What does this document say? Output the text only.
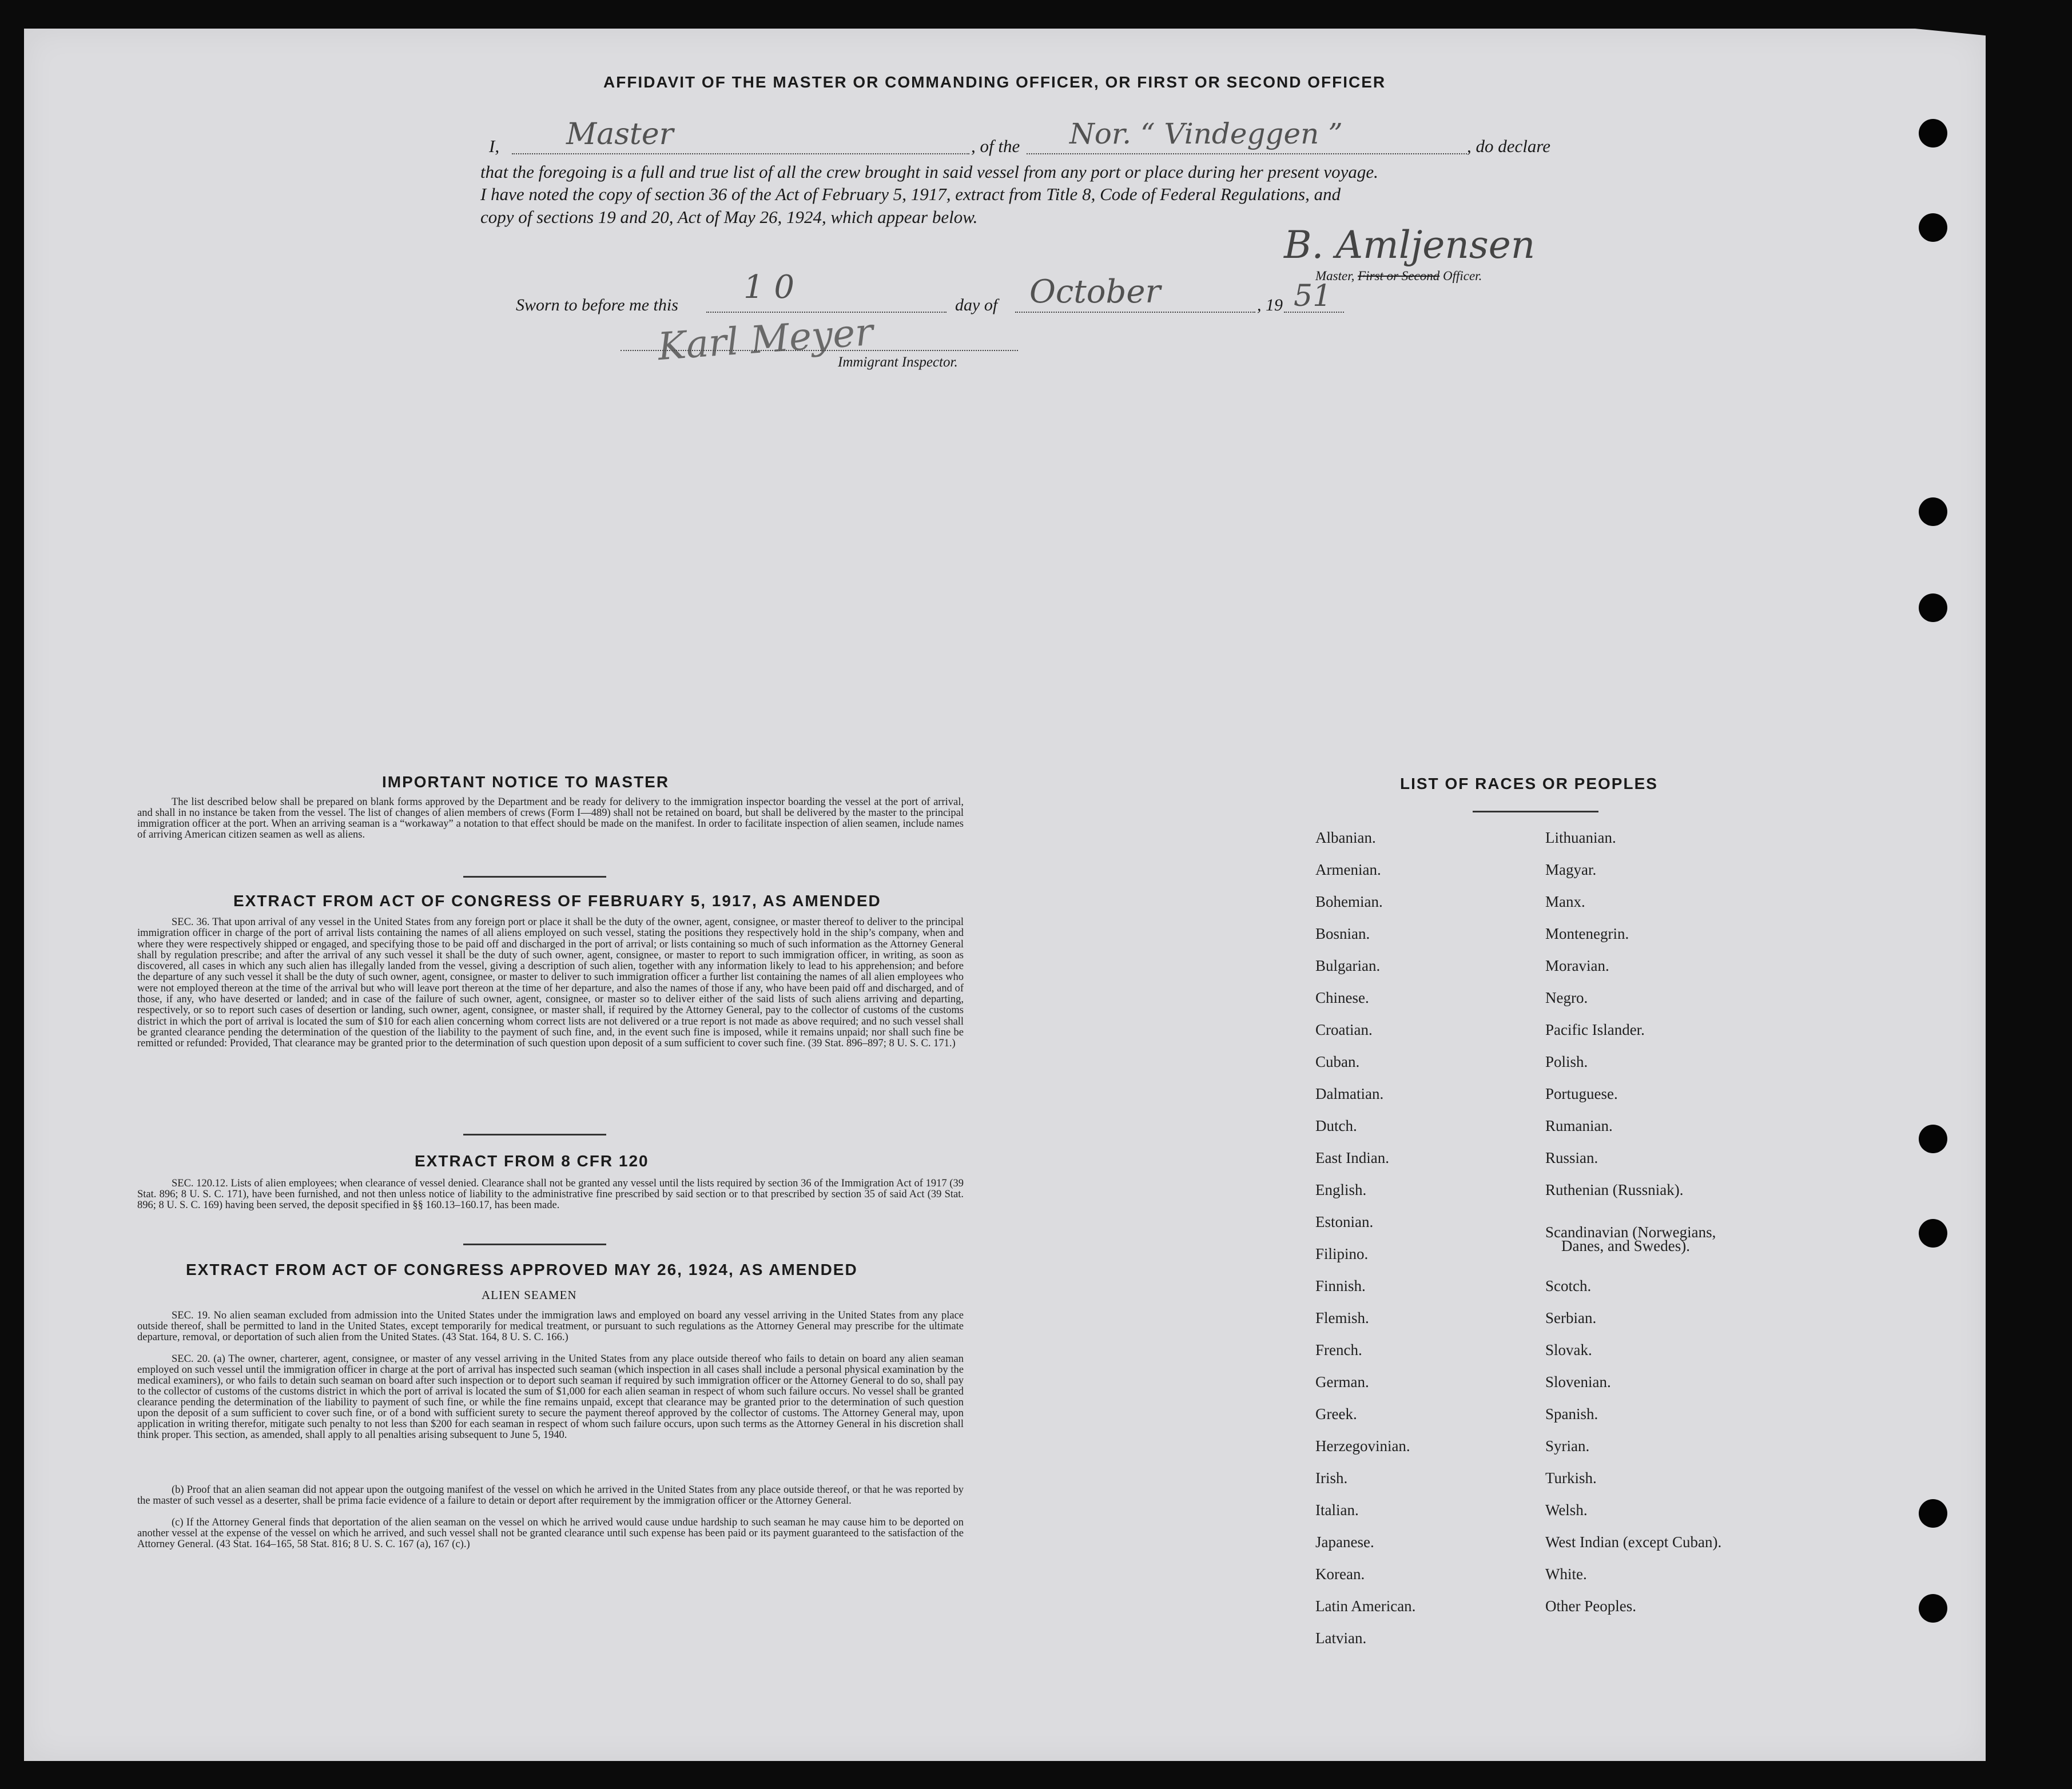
AFFIDAVIT OF THE MASTER OR COMMANDING OFFICER, OR FIRST OR SECOND OFFICER
I, Master	, of the Nor. “ Vindeggen ”	, do declare
that the foregoing is a full and true list of all the crew brought in said vessel from any port or place during her present voyage.
I have noted the copy of section 36 of the Act of February 5, 1917, extract from Title 8, Code of Federal Regulations, and
copy of sections 19 and 20, Act of May 26, 1924, which appear below.
B. Amljensen
Master, First or Second Officer.
Sworn to before me this 1 0	day of October	, 19 51
Karl Meyer
Immigrant Inspector.
IMPORTANT NOTICE TO MASTER
The list described below shall be prepared on blank forms approved by the Department and be ready for delivery to the immigration inspector boarding the vessel at the port of arrival, and shall in no instance be taken from the vessel. The list of changes of alien members of crews (Form I—489) shall not be retained on board, but shall be delivered by the master to the principal immigration officer at the port. When an arriving seaman is a “workaway” a notation to that effect should be made on the manifest. In order to facilitate inspection of alien seamen, include names of arriving American citizen seamen as well as aliens.
EXTRACT FROM ACT OF CONGRESS OF FEBRUARY 5, 1917, AS AMENDED
SEC. 36. That upon arrival of any vessel in the United States from any foreign port or place it shall be the duty of the owner, agent, consignee, or master thereof to deliver to the principal immigration officer in charge of the port of arrival lists containing the names of all aliens employed on such vessel, stating the positions they respectively hold in the ship’s company, when and where they were respectively shipped or engaged, and specifying those to be paid off and discharged in the port of arrival; or lists containing so much of such information as the Attorney General shall by regulation prescribe; and after the arrival of any such vessel it shall be the duty of such owner, agent, consignee, or master to report to such immigration officer, in writing, as soon as discovered, all cases in which any such alien has illegally landed from the vessel, giving a description of such alien, together with any information likely to lead to his apprehension; and before the departure of any such vessel it shall be the duty of such owner, agent, consignee, or master to deliver to such immigration officer a further list containing the names of all alien employees who were not employed thereon at the time of the arrival but who will leave port thereon at the time of her departure, and also the names of those if any, who have been paid off and discharged, and of those, if any, who have deserted or landed; and in case of the failure of such owner, agent, consignee, or master so to deliver either of the said lists of such aliens arriving and departing, respectively, or so to report such cases of desertion or landing, such owner, agent, consignee, or master shall, if required by the Attorney General, pay to the collector of customs of the customs district in which the port of arrival is located the sum of $10 for each alien concerning whom correct lists are not delivered or a true report is not made as above required; and no such vessel shall be granted clearance pending the determination of the question of the liability to the payment of such fine, and, in the event such fine is imposed, while it remains unpaid; nor shall such fine be remitted or refunded: Provided, That clearance may be granted prior to the determination of such question upon deposit of a sum sufficient to cover such fine. (39 Stat. 896–897; 8 U. S. C. 171.)
EXTRACT FROM 8 CFR 120
SEC. 120.12. Lists of alien employees; when clearance of vessel denied. Clearance shall not be granted any vessel until the lists required by section 36 of the Immigration Act of 1917 (39 Stat. 896; 8 U. S. C. 171), have been furnished, and not then unless notice of liability to the administrative fine prescribed by said section or to that prescribed by section 35 of said Act (39 Stat. 896; 8 U. S. C. 169) having been served, the deposit specified in §§ 160.13–160.17, has been made.
EXTRACT FROM ACT OF CONGRESS APPROVED MAY 26, 1924, AS AMENDED
ALIEN SEAMEN
SEC. 19. No alien seaman excluded from admission into the United States under the immigration laws and employed on board any vessel arriving in the United States from any place outside thereof, shall be permitted to land in the United States, except temporarily for medical treatment, or pursuant to such regulations as the Attorney General may prescribe for the ultimate departure, removal, or deportation of such alien from the United States. (43 Stat. 164, 8 U. S. C. 166.)
SEC. 20. (a) The owner, charterer, agent, consignee, or master of any vessel arriving in the United States from any place outside thereof who fails to detain on board any alien seaman employed on such vessel until the immigration officer in charge at the port of arrival has inspected such seaman (which inspection in all cases shall include a personal physical examination by the medical examiners), or who fails to detain such seaman on board after such inspection or to deport such seaman if required by such immigration officer or the Attorney General to do so, shall pay to the collector of customs of the customs district in which the port of arrival is located the sum of $1,000 for each alien seaman in respect of whom such failure occurs. No vessel shall be granted clearance pending the determination of the liability to payment of such fine, or while the fine remains unpaid, except that clearance may be granted prior to the determination of such question upon the deposit of a sum sufficient to cover such fine, or of a bond with sufficient surety to secure the payment thereof approved by the collector of customs. The Attorney General may, upon application in writing therefor, mitigate such penalty to not less than $200 for each seaman in respect of whom such failure occurs, upon such terms as the Attorney General in his discretion shall think proper. This section, as amended, shall apply to all penalties arising subsequent to June 5, 1940.
(b) Proof that an alien seaman did not appear upon the outgoing manifest of the vessel on which he arrived in the United States from any place outside thereof, or that he was reported by the master of such vessel as a deserter, shall be prima facie evidence of a failure to detain or deport after requirement by the immigration officer or the Attorney General.
(c) If the Attorney General finds that deportation of the alien seaman on the vessel on which he arrived would cause undue hardship to such seaman he may cause him to be deported on another vessel at the expense of the vessel on which he arrived, and such vessel shall not be granted clearance until such expense has been paid or its payment guaranteed to the satisfaction of the Attorney General. (43 Stat. 164–165, 58 Stat. 816; 8 U. S. C. 167 (a), 167 (c).)
LIST OF RACES OR PEOPLES
Albanian.
Armenian.
Bohemian.
Bosnian.
Bulgarian.
Chinese.
Croatian.
Cuban.
Dalmatian.
Dutch.
East Indian.
English.
Estonian.
Filipino.
Finnish.
Flemish.
French.
German.
Greek.
Herzegovinian.
Irish.
Italian.
Japanese.
Korean.
Latin American.
Latvian.
Lithuanian.
Magyar.
Manx.
Montenegrin.
Moravian.
Negro.
Pacific Islander.
Polish.
Portuguese.
Rumanian.
Russian.
Ruthenian (Russniak).
Scandinavian (Norwegians,
Danes, and Swedes).
Scotch.
Serbian.
Slovak.
Slovenian.
Spanish.
Syrian.
Turkish.
Welsh.
West Indian (except Cuban).
White.
Other Peoples.
